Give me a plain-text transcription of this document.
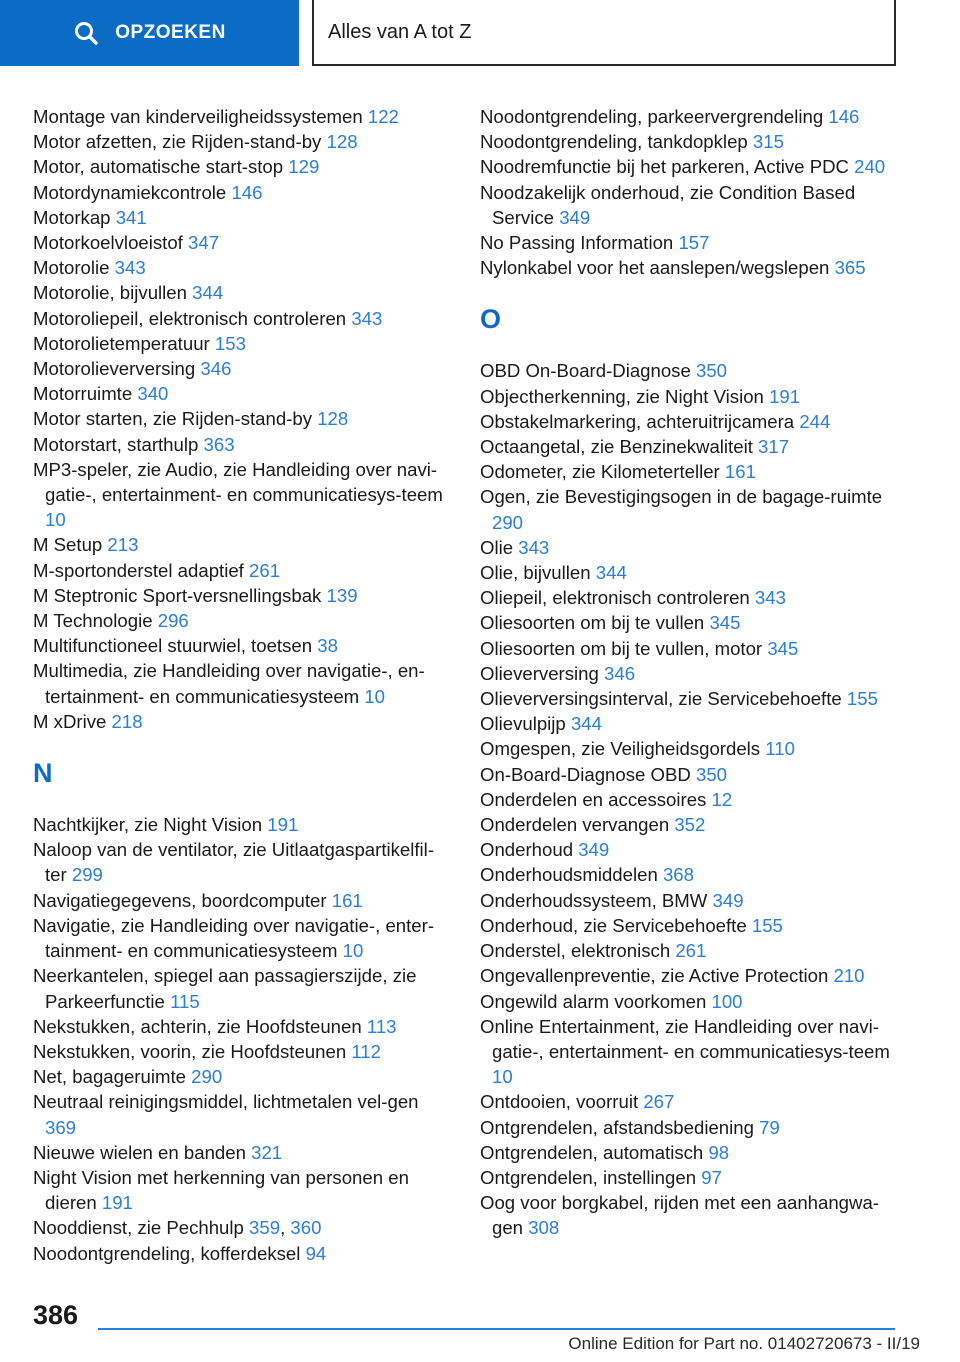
OPZOEKEN	Alles van A tot Z
Montage van kinderveiligheidssystemen 122
Motor afzetten, zie Rijden-stand-by 128
Motor, automatische start-stop 129
Motordynamiekcontrole 146
Motorkap 341
Motorkoelvloeistof 347
Motorolie 343
Motorolie, bijvullen 344
Motoroliepeil, elektronisch controleren 343
Motorolietemperatuur 153
Motorolieverversing 346
Motorruimte 340
Motor starten, zie Rijden-stand-by 128
Motorstart, starthulp 363
MP3-speler, zie Audio, zie Handleiding over navi-gatie-, entertainment- en communicatiesys-teem 10
M Setup 213
M-sportonderstel adaptief 261
M Steptronic Sport-versnellingsbak 139
M Technologie 296
Multifunctioneel stuurwiel, toetsen 38
Multimedia, zie Handleiding over navigatie-, en-tertainment- en communicatiesysteem 10
M xDrive 218
N
Nachtkijker, zie Night Vision 191
Naloop van de ventilator, zie Uitlaatgaspartikelfil-ter 299
Navigatiegegevens, boordcomputer 161
Navigatie, zie Handleiding over navigatie-, enter-tainment- en communicatiesysteem 10
Neerkantelen, spiegel aan passagierszijde, zie Parkeerfunctie 115
Nekstukken, achterin, zie Hoofdsteunen 113
Nekstukken, voorin, zie Hoofdsteunen 112
Net, bagageruimte 290
Neutraal reinigingsmiddel, lichtmetalen vel-gen 369
Nieuwe wielen en banden 321
Night Vision met herkenning van personen en dieren 191
Nooddienst, zie Pechhulp 359, 360
Noodontgrendeling, kofferdeksel 94
Noodontgrendeling, parkeervergrendeling 146
Noodontgrendeling, tankdopklep 315
Noodremfunctie bij het parkeren, Active PDC 240
Noodzakelijk onderhoud, zie Condition Based Service 349
No Passing Information 157
Nylonkabel voor het aanslepen/wegslepen 365
O
OBD On-Board-Diagnose 350
Objectherkenning, zie Night Vision 191
Obstakelmarkering, achteruitrijcamera 244
Octaangetal, zie Benzinekwaliteit 317
Odometer, zie Kilometerteller 161
Ogen, zie Bevestigingsogen in de bagage-ruimte 290
Olie 343
Olie, bijvullen 344
Oliepeil, elektronisch controleren 343
Oliesoorten om bij te vullen 345
Oliesoorten om bij te vullen, motor 345
Olieverversing 346
Olieverversingsinterval, zie Servicebehoefte 155
Olievulpijp 344
Omgespen, zie Veiligheidsgordels 110
On-Board-Diagnose OBD 350
Onderdelen en accessoires 12
Onderdelen vervangen 352
Onderhoud 349
Onderhoudsmiddelen 368
Onderhoudssysteem, BMW 349
Onderhoud, zie Servicebehoefte 155
Onderstel, elektronisch 261
Ongevallenpreventie, zie Active Protection 210
Ongewild alarm voorkomen 100
Online Entertainment, zie Handleiding over navi-gatie-, entertainment- en communicatiesys-teem 10
Ontdooien, voorruit 267
Ontgrendelen, afstandsbediening 79
Ontgrendelen, automatisch 98
Ontgrendelen, instellingen 97
Oog voor borgkabel, rijden met een aanhangwa-gen 308
386
Online Edition for Part no. 01402720673 - II/19
